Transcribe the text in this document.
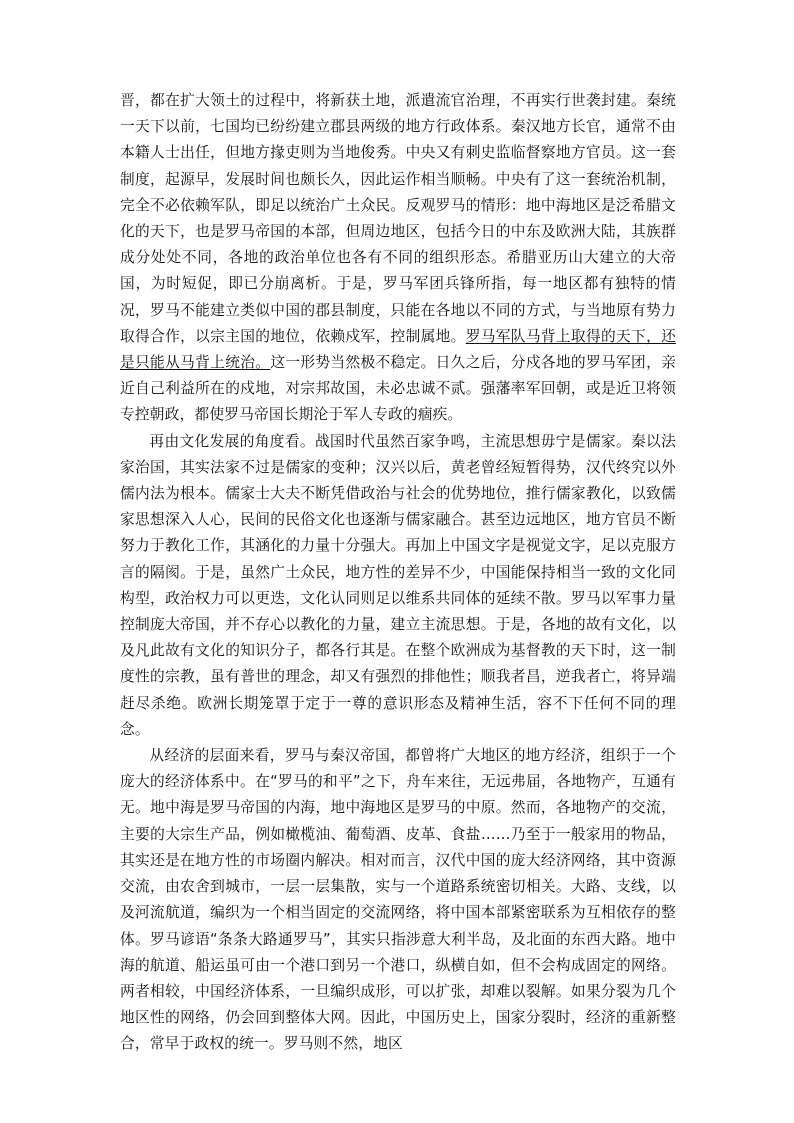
晋，都在扩大领土的过程中，将新获土地，派遣流官治理，不再实行世袭封建。秦统一天下以前，七国均已纷纷建立郡县两级的地方行政体系。秦汉地方长官，通常不由本籍人士出任，但地方掾吏则为当地俊秀。中央又有刺史监临督察地方官员。这一套制度，起源早，发展时间也颇长久，因此运作相当顺畅。中央有了这一套统治机制，完全不必依赖军队，即足以统治广土众民。反观罗马的情形：地中海地区是泛希腊文化的天下，也是罗马帝国的本部，但周边地区，包括今日的中东及欧洲大陆，其族群成分处处不同，各地的政治单位也各有不同的组织形态。希腊亚历山大建立的大帝国，为时短促，即已分崩离析。于是，罗马军团兵锋所指，每一地区都有独特的情况，罗马不能建立类似中国的郡县制度，只能在各地以不同的方式，与当地原有势力取得合作，以宗主国的地位，依赖戍军，控制属地。罗马军队马背上取得的天下，还是只能从马背上统治。这一形势当然极不稳定。日久之后，分戍各地的罗马军团，亲近自己利益所在的戍地，对宗邦故国，未必忠诚不贰。强藩率军回朝，或是近卫将领专控朝政，都使罗马帝国长期沦于军人专政的痼疾。

再由文化发展的角度看。战国时代虽然百家争鸣，主流思想毋宁是儒家。秦以法家治国，其实法家不过是儒家的变种；汉兴以后，黄老曾经短暂得势，汉代终究以外儒内法为根本。儒家士大夫不断凭借政治与社会的优势地位，推行儒家教化，以致儒家思想深入人心，民间的民俗文化也逐渐与儒家融合。甚至边远地区，地方官员不断努力于教化工作，其涵化的力量十分强大。再加上中国文字是视觉文字，足以克服方言的隔阂。于是，虽然广土众民，地方性的差异不少，中国能保持相当一致的文化同构型，政治权力可以更迭，文化认同则足以维系共同体的延续不散。罗马以军事力量控制庞大帝国，并不存心以教化的力量，建立主流思想。于是，各地的故有文化，以及凡此故有文化的知识分子，都各行其是。在整个欧洲成为基督教的天下时，这一制度性的宗教，虽有普世的理念，却又有强烈的排他性；顺我者昌，逆我者亡，将异端赶尽杀绝。欧洲长期笼罩于定于一尊的意识形态及精神生活，容不下任何不同的理念。

从经济的层面来看，罗马与秦汉帝国，都曾将广大地区的地方经济，组织于一个庞大的经济体系中。在“罗马的和平”之下，舟车来往，无远弗届，各地物产，互通有无。地中海是罗马帝国的内海，地中海地区是罗马的中原。然而，各地物产的交流，主要的大宗生产品，例如橄榄油、葡萄酒、皮革、食盐……乃至于一般家用的物品，其实还是在地方性的市场圈内解决。相对而言，汉代中国的庞大经济网络，其中资源交流，由农舍到城市，一层一层集散，实与一个道路系统密切相关。大路、支线，以及河流航道，编织为一个相当固定的交流网络，将中国本部紧密联系为互相依存的整体。罗马谚语“条条大路通罗马”，其实只指涉意大利半岛，及北面的东西大路。地中海的航道、船运虽可由一个港口到另一个港口，纵横自如，但不会构成固定的网络。两者相较，中国经济体系，一旦编织成形，可以扩张，却难以裂解。如果分裂为几个地区性的网络，仍会回到整体大网。因此，中国历史上，国家分裂时，经济的重新整合，常早于政权的统一。罗马则不然，地区
